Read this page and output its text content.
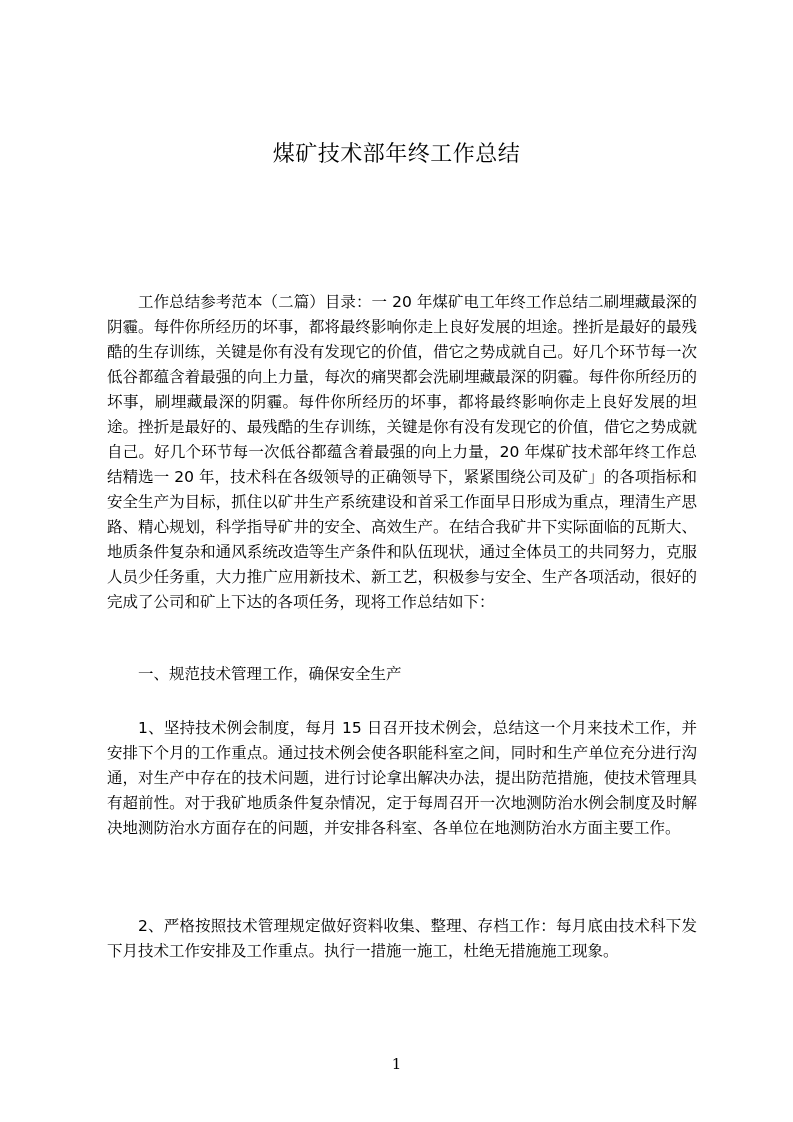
煤矿技术部年终工作总结

工作总结参考范本（二篇）目录：一 20 年煤矿电工年终工作总结二刷埋藏最深的阴霾。每件你所经历的坏事，都将最终影响你走上良好发展的坦途。挫折是最好的最残酷的生存训练，关键是你有没有发现它的价值，借它之势成就自己。好几个环节每一次低谷都蕴含着最强的向上力量，每次的痛哭都会洗刷埋藏最深的阴霾。每件你所经历的坏事，刷埋藏最深的阴霾。每件你所经历的坏事，都将最终影响你走上良好发展的坦途。挫折是最好的、最残酷的生存训练，关键是你有没有发现它的价值，借它之势成就自己。好几个环节每一次低谷都蕴含着最强的向上力量，20 年煤矿技术部年终工作总结精选一 20 年，技术科在各级领导的正确领导下，紧紧围绕公司及矿」的各项指标和安全生产为目标，抓住以矿井生产系统建设和首采工作面早日形成为重点，理清生产思路、精心规划，科学指导矿井的安全、高效生产。在结合我矿井下实际面临的瓦斯大、地质条件复杂和通风系统改造等生产条件和队伍现状，通过全体员工的共同努力，克服人员少任务重，大力推广应用新技术、新工艺，积极参与安全、生产各项活动，很好的完成了公司和矿上下达的各项任务，现将工作总结如下：

一、规范技术管理工作，确保安全生产

1、坚持技术例会制度，每月 15 日召开技术例会，总结这一个月来技术工作，并安排下个月的工作重点。通过技术例会使各职能科室之间，同时和生产单位充分进行沟通，对生产中存在的技术问题，进行讨论拿出解决办法，提出防范措施，使技术管理具有超前性。对于我矿地质条件复杂情况，定于每周召开一次地测防治水例会制度及时解决地测防治水方面存在的问题，并安排各科室、各单位在地测防治水方面主要工作。

2、严格按照技术管理规定做好资料收集、整理、存档工作：每月底由技术科下发下月技术工作安排及工作重点。执行一措施一施工，杜绝无措施施工现象。

1
